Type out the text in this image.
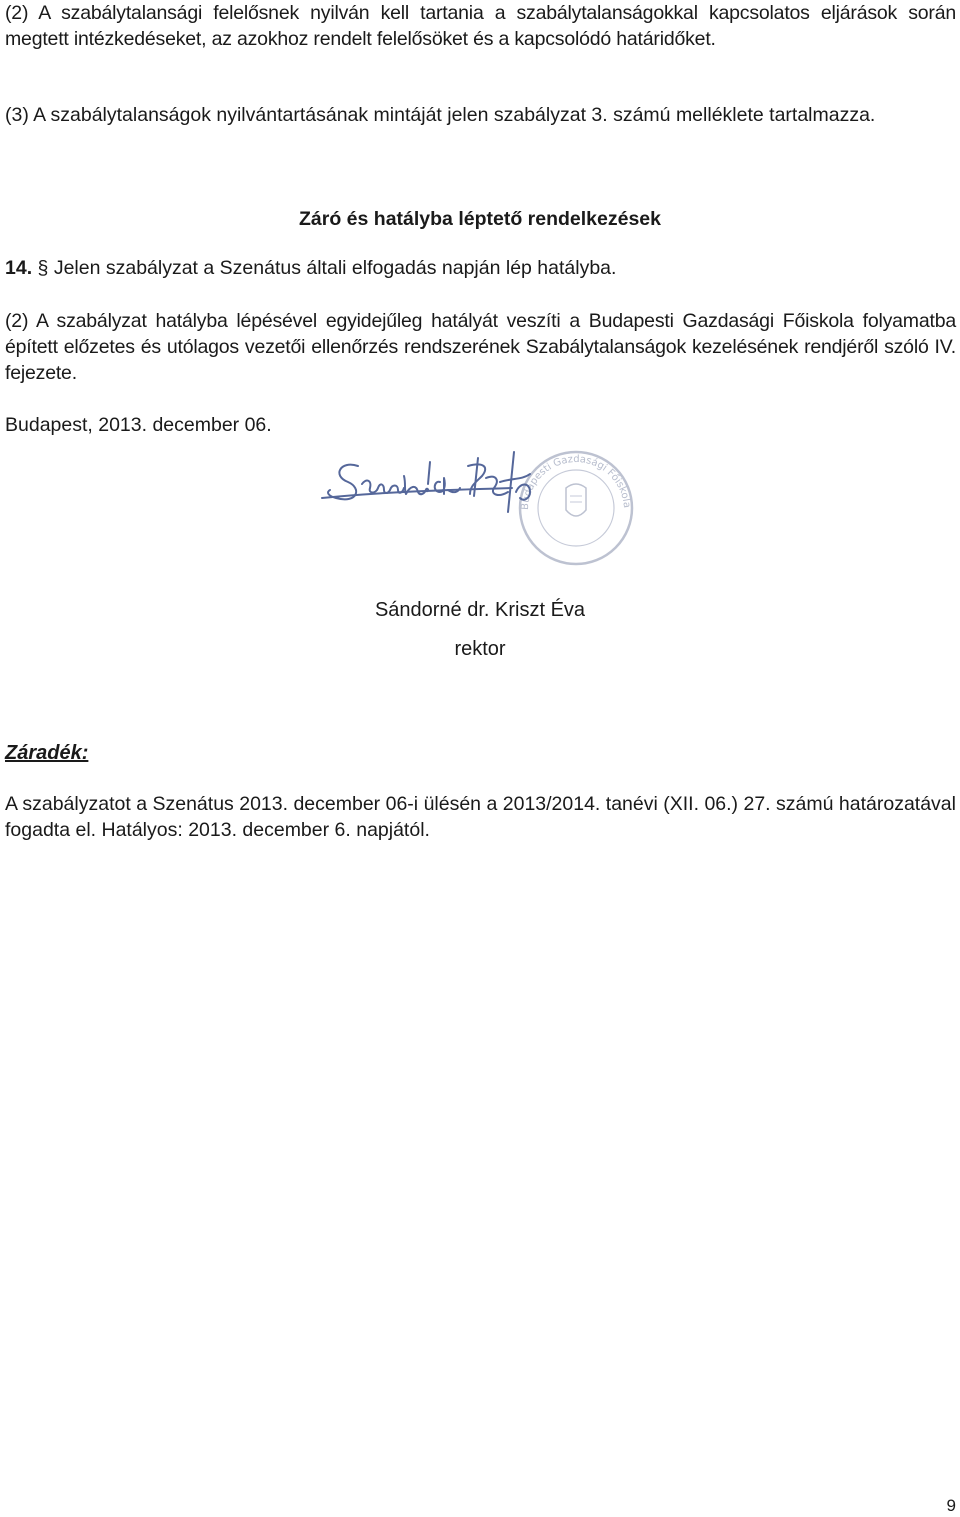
(2) A szabálytalansági felelősnek nyilván kell tartania a szabálytalanságokkal kapcsolatos eljárások során megtett intézkedéseket, az azokhoz rendelt felelősöket és a kapcsolódó határidőket.

(3) A szabálytalanságok nyilvántartásának mintáját jelen szabályzat 3. számú melléklete tartalmazza.

Záró és hatályba léptető rendelkezések

14. § Jelen szabályzat a Szenátus általi elfogadás napján lép hatályba.

(2) A szabályzat hatályba lépésével egyidejűleg hatályát veszíti a Budapesti Gazdasági Főiskola folyamatba épített előzetes és utólagos vezetői ellenőrzés rendszerének Szabálytalanságok kezelésének rendjéről szóló IV. fejezete.

Budapest, 2013. december 06.

Budapesti Gazdasági Főiskola
Sándorné dr. Kriszt

Sándorné dr. Kriszt Éva

rektor

Záradék:

A szabályzatot a Szenátus 2013. december 06-i ülésén a 2013/2014. tanévi (XII. 06.) 27. számú határozatával fogadta el. Hatályos: 2013. december 6. napjától.

9
